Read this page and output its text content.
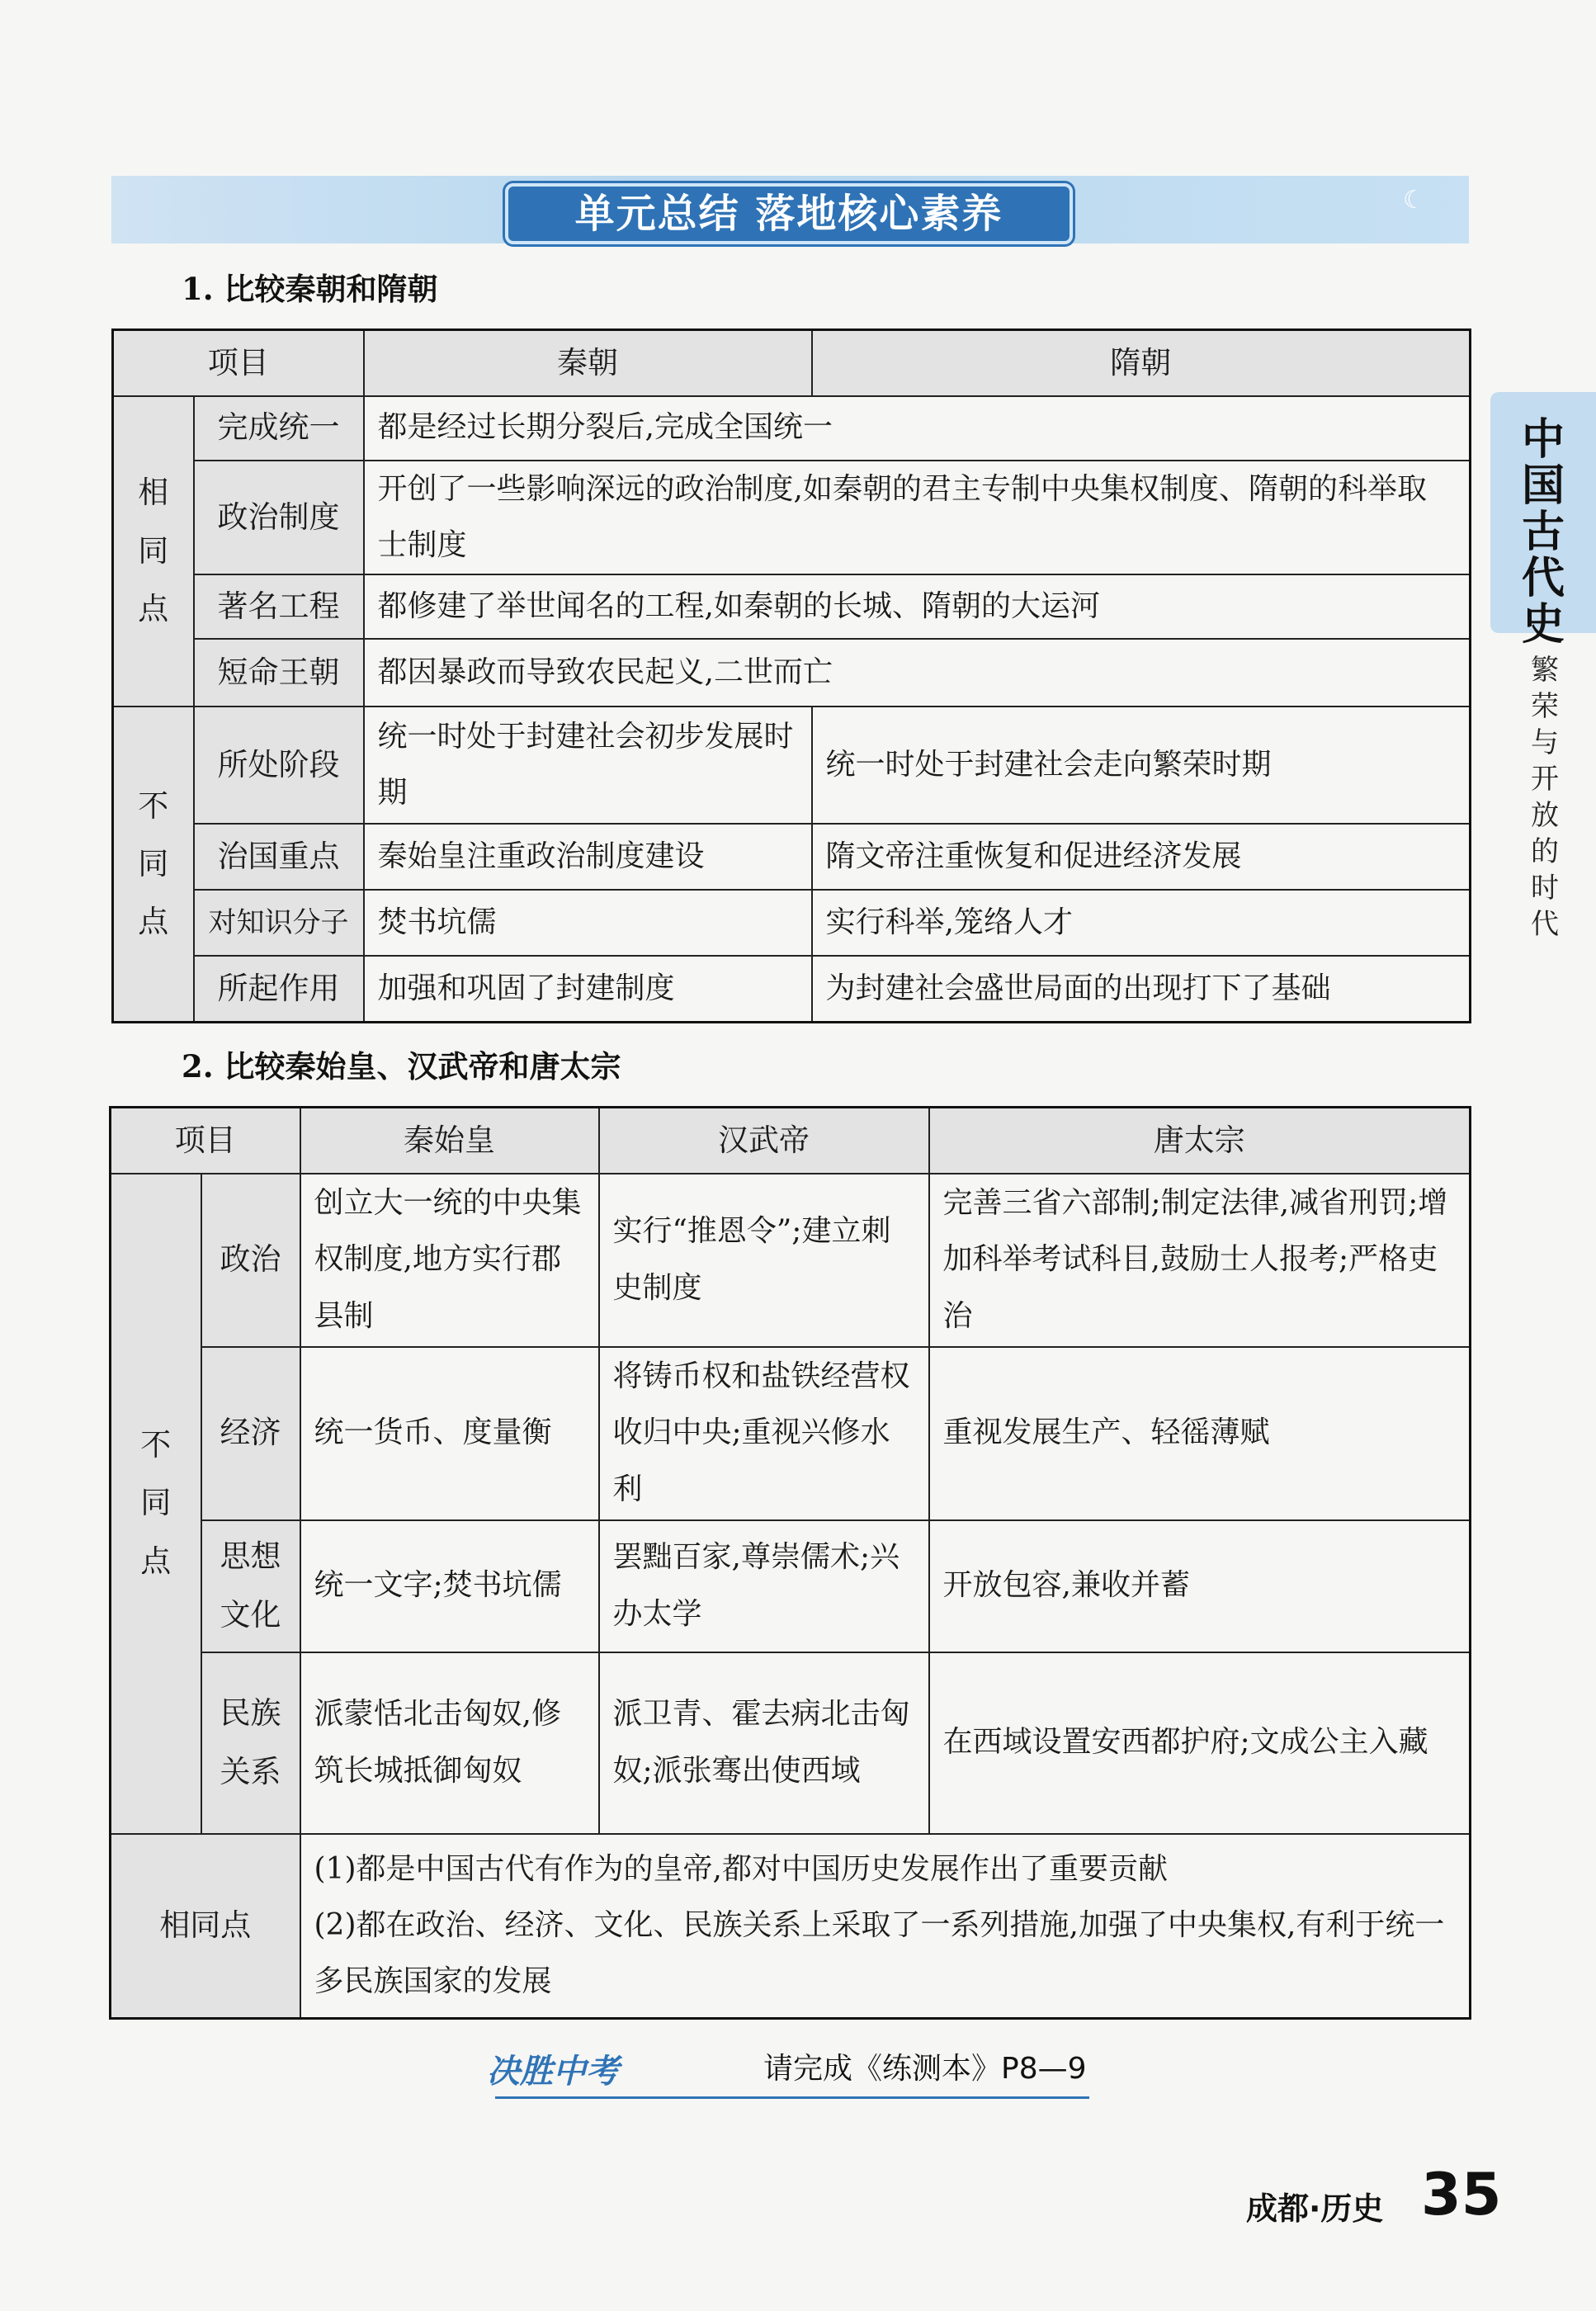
单元总结 落地核心素养	☾
1. 比较秦朝和隋朝
项目		秦朝	隋朝

相
同
点	完成统一	都是经过长期分裂后,完成全国统一	
	政治制度	开创了一些影响深远的政治制度,如秦朝的君主专制中央集权制度、隋朝的科举取士制度	
	著名工程	都修建了举世闻名的工程,如秦朝的长城、隋朝的大运河	
	短命王朝	都因暴政而导致农民起义,二世而亡	

不
同
点	所处阶段	统一时处于封建社会初步发展时期	统一时处于封建社会走向繁荣时期
	治国重点	秦始皇注重政治制度建设	隋文帝注重恢复和促进经济发展
	对知识分子	焚书坑儒	实行科举,笼络人才
	所起作用	加强和巩固了封建制度	为封建社会盛世局面的出现打下了基础
2. 比较秦始皇、汉武帝和唐太宗
项目		秦始皇	汉武帝	唐太宗

不
同
点	政治	创立大一统的中央集权制度,地方实行郡县制	实行“推恩令”;建立刺史制度	完善三省六部制;制定法律,减省刑罚;增加科举考试科目,鼓励士人报考;严格吏治
	经济	统一货币、度量衡	将铸币权和盐铁经营权收归中央;重视兴修水利	重视发展生产、轻徭薄赋
	思想文化	统一文字;焚书坑儒	罢黜百家,尊崇儒术;兴办太学	开放包容,兼收并蓄
	民族关系	派蒙恬北击匈奴,修筑长城抵御匈奴	派卫青、霍去病北击匈奴;派张骞出使西域	在西域设置安西都护府;文成公主入藏
相同点		(1)都是中国古代有作为的皇帝,都对中国历史发展作出了重要贡献
(2)都在政治、经济、文化、民族关系上采取了一系列措施,加强了中央集权,有利于统一多民族国家的发展		
中国古代史
繁荣与开放的时代
决胜中考	请完成《练测本》P8—9
成都·历史 35
